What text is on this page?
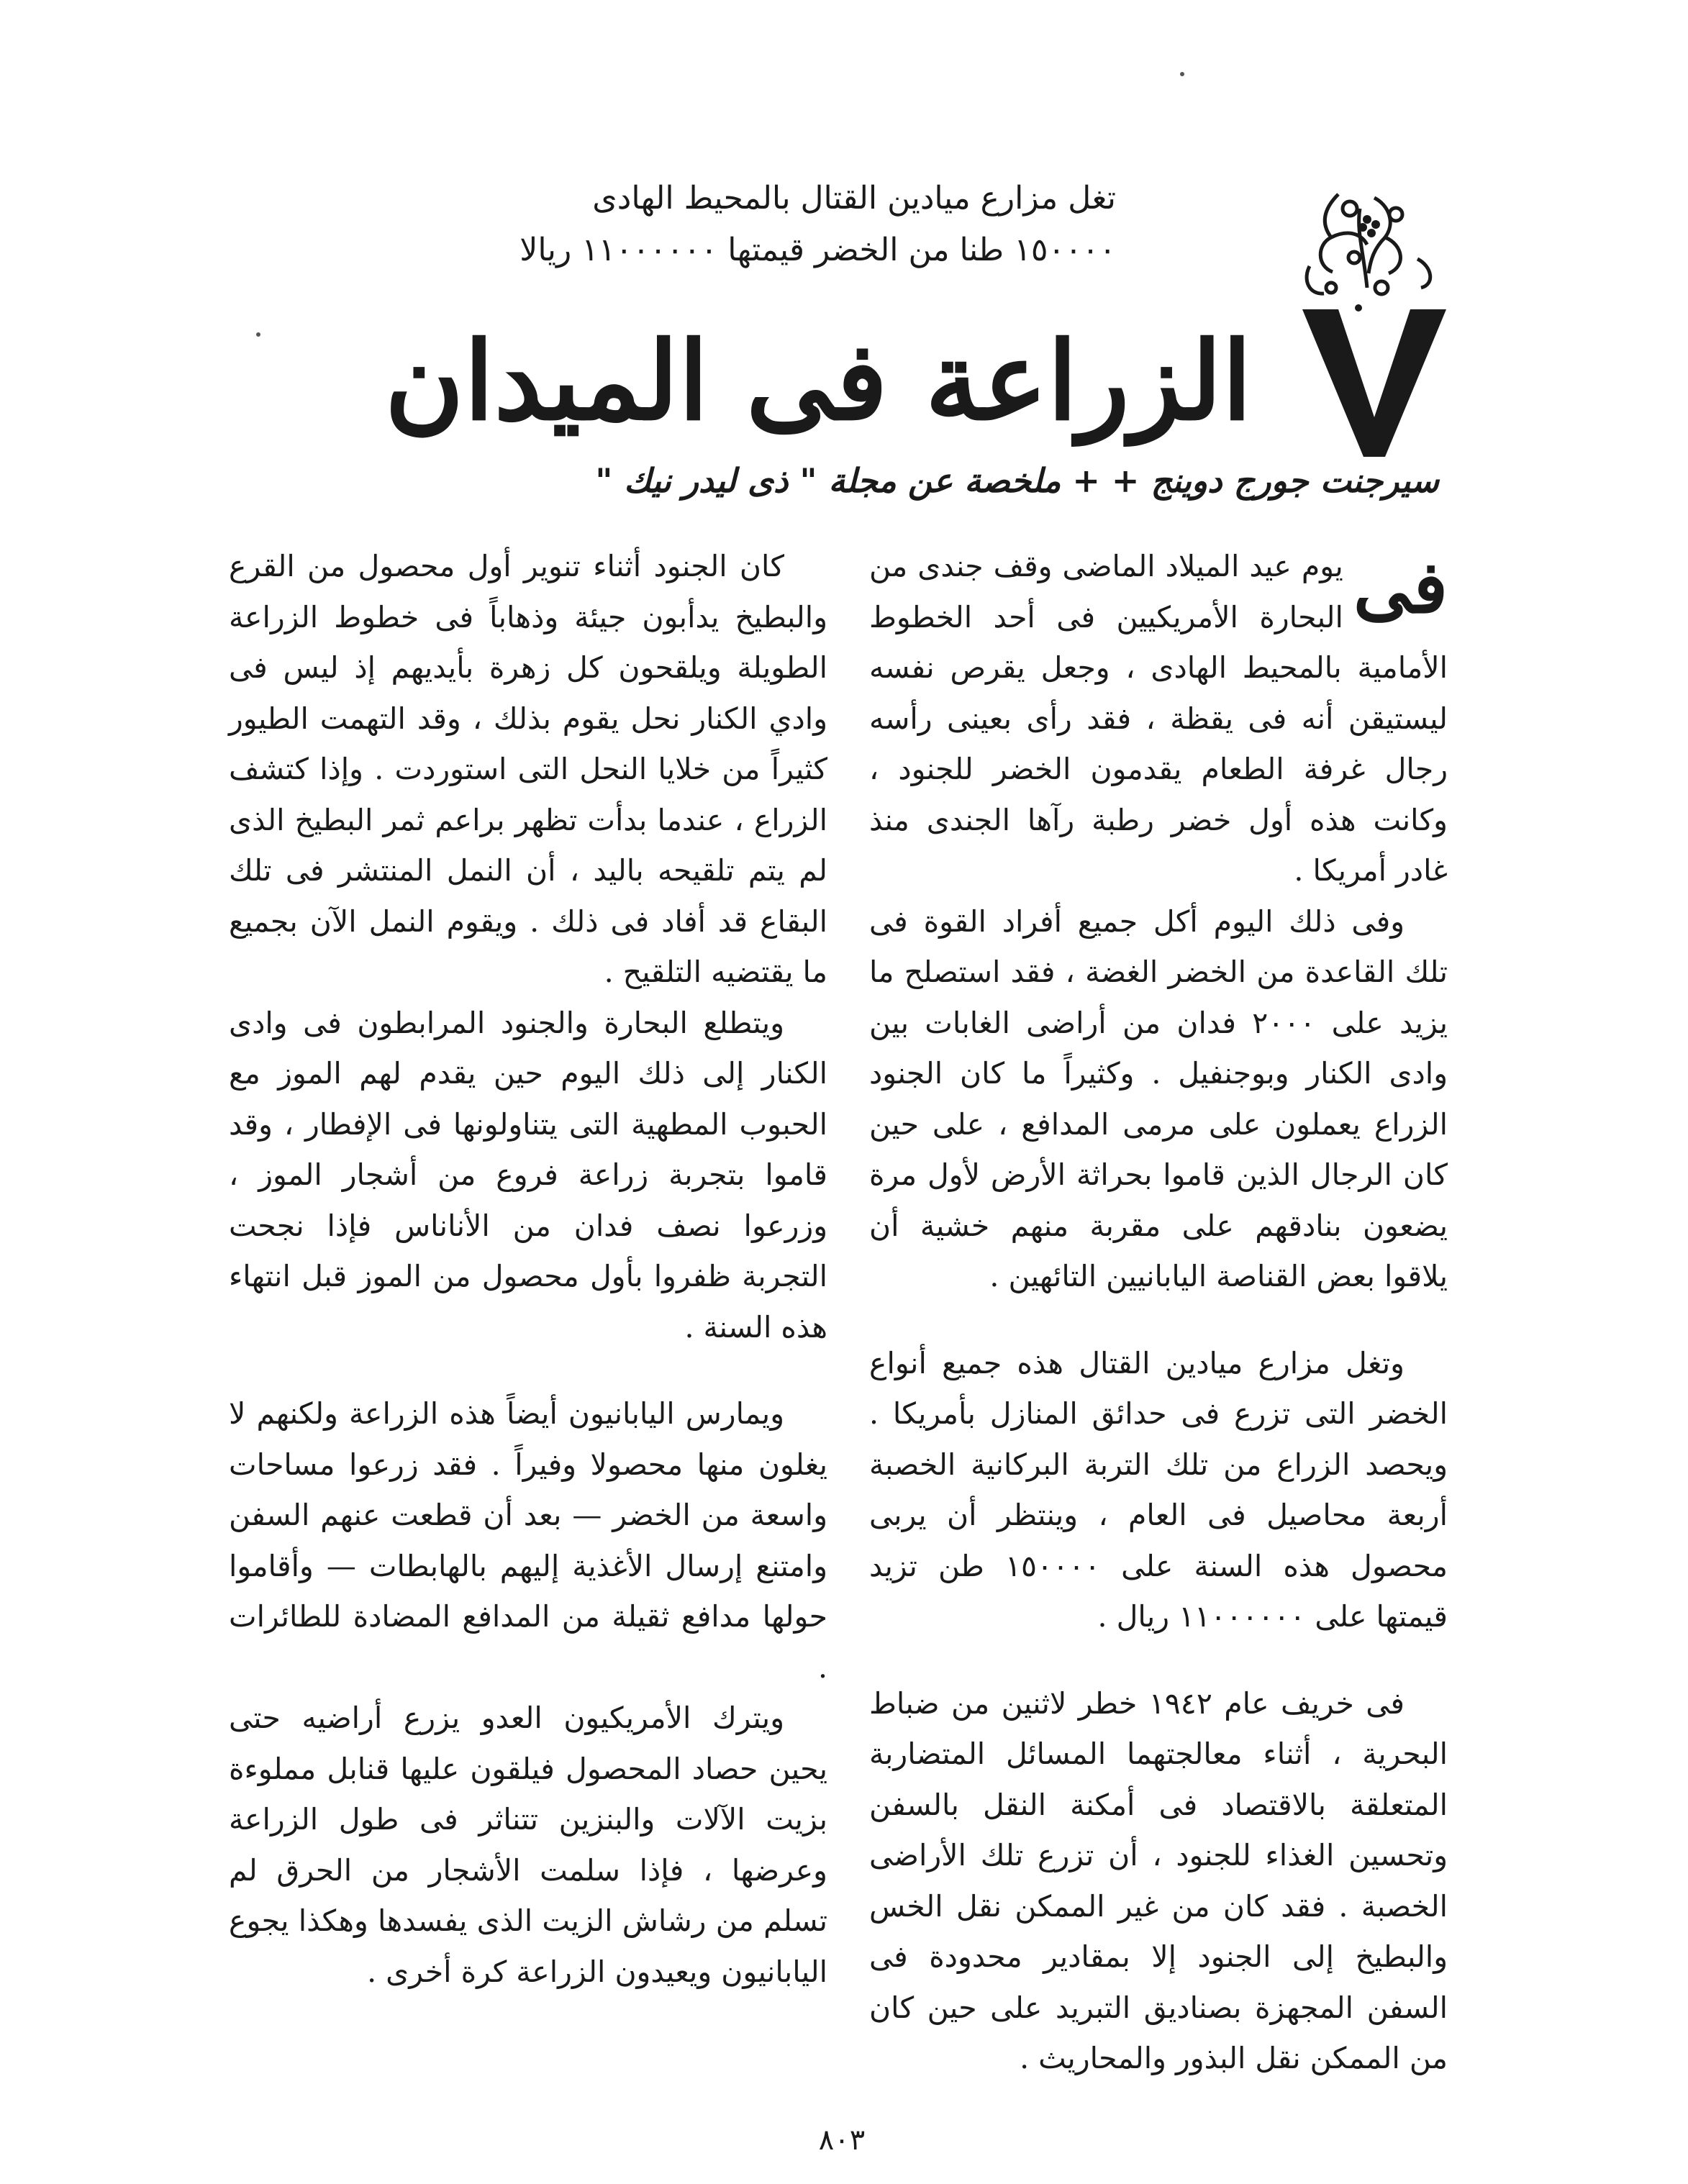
تغل مزارع ميادين القتال بالمحيط الهادى
١٥٠٠٠٠ طنا من الخضر قيمتها ١١٠٠٠٠٠٠ ريالا
الزراعة فى الميدان
سيرجنت جورج دوينج + + ملخصة عن مجلة " ذى ليدر نيك "

فى
يوم عيد الميلاد الماضى وقف جندى من البحارة الأمريكيين فى أحد الخطوط الأمامية بالمحيط الهادى ، وجعل يقرص نفسه ليستيقن أنه فى يقظة ، فقد رأى بعينى رأسه رجال غرفة الطعام يقدمون الخضر للجنود ، وكانت هذه أول خضر رطبة رآها الجندى منذ غادر أمريكا .

وفى ذلك اليوم أكل جميع أفراد القوة فى تلك القاعدة من الخضر الغضة ، فقد استصلح ما يزيد على ٢٠٠٠ فدان من أراضى الغابات بين وادى الكنار وبوجنفيل . وكثيراً ما كان الجنود الزراع يعملون على مرمى المدافع ، على حين كان الرجال الذين قاموا بحراثة الأرض لأول مرة يضعون بنادقهم على مقربة منهم خشية أن يلاقوا بعض القناصة اليابانيين التائهين .

وتغل مزارع ميادين القتال هذه جميع أنواع الخضر التى تزرع فى حدائق المنازل بأمريكا . ويحصد الزراع من تلك التربة البركانية الخصبة أربعة محاصيل فى العام ، وينتظر أن يربى محصول هذه السنة على ١٥٠٠٠٠ طن تزيد قيمتها على ١١٠٠٠٠٠٠ ريال .

فى خريف عام ١٩٤٢ خطر لاثنين من ضباط البحرية ، أثناء معالجتهما المسائل المتضاربة المتعلقة بالاقتصاد فى أمكنة النقل بالسفن وتحسين الغذاء للجنود ، أن تزرع تلك الأراضى الخصبة . فقد كان من غير الممكن نقل الخس والبطيخ إلى الجنود إلا بمقادير محدودة فى السفن المجهزة بصناديق التبريد على حين كان من الممكن نقل البذور والمحاريث .

كان الجنود أثناء تنوير أول محصول من القرع والبطيخ يدأبون جيئة وذهاباً فى خطوط الزراعة الطويلة ويلقحون كل زهرة بأيديهم إذ ليس فى وادي الكنار نحل يقوم بذلك ، وقد التهمت الطيور كثيراً من خلايا النحل التى استوردت . وإذا كتشف الزراع ، عندما بدأت تظهر براعم ثمر البطيخ الذى لم يتم تلقيحه باليد ، أن النمل المنتشر فى تلك البقاع قد أفاد فى ذلك . ويقوم النمل الآن بجميع ما يقتضيه التلقيح .

ويتطلع البحارة والجنود المرابطون فى وادى الكنار إلى ذلك اليوم حين يقدم لهم الموز مع الحبوب المطهية التى يتناولونها فى الإفطار ، وقد قاموا بتجربة زراعة فروع من أشجار الموز ، وزرعوا نصف فدان من الأناناس فإذا نجحت التجربة ظفروا بأول محصول من الموز قبل انتهاء هذه السنة .

ويمارس اليابانيون أيضاً هذه الزراعة ولكنهم لا يغلون منها محصولا وفيراً . فقد زرعوا مساحات واسعة من الخضر — بعد أن قطعت عنهم السفن وامتنع إرسال الأغذية إليهم بالهابطات — وأقاموا حولها مدافع ثقيلة من المدافع المضادة للطائرات .

ويترك الأمريكيون العدو يزرع أراضيه حتى يحين حصاد المحصول فيلقون عليها قنابل مملوءة بزيت الآلات والبنزين تتناثر فى طول الزراعة وعرضها ، فإذا سلمت الأشجار من الحرق لم تسلم من رشاش الزيت الذى يفسدها وهكذا يجوع اليابانيون ويعيدون الزراعة كرة أخرى .

٨٠٣
